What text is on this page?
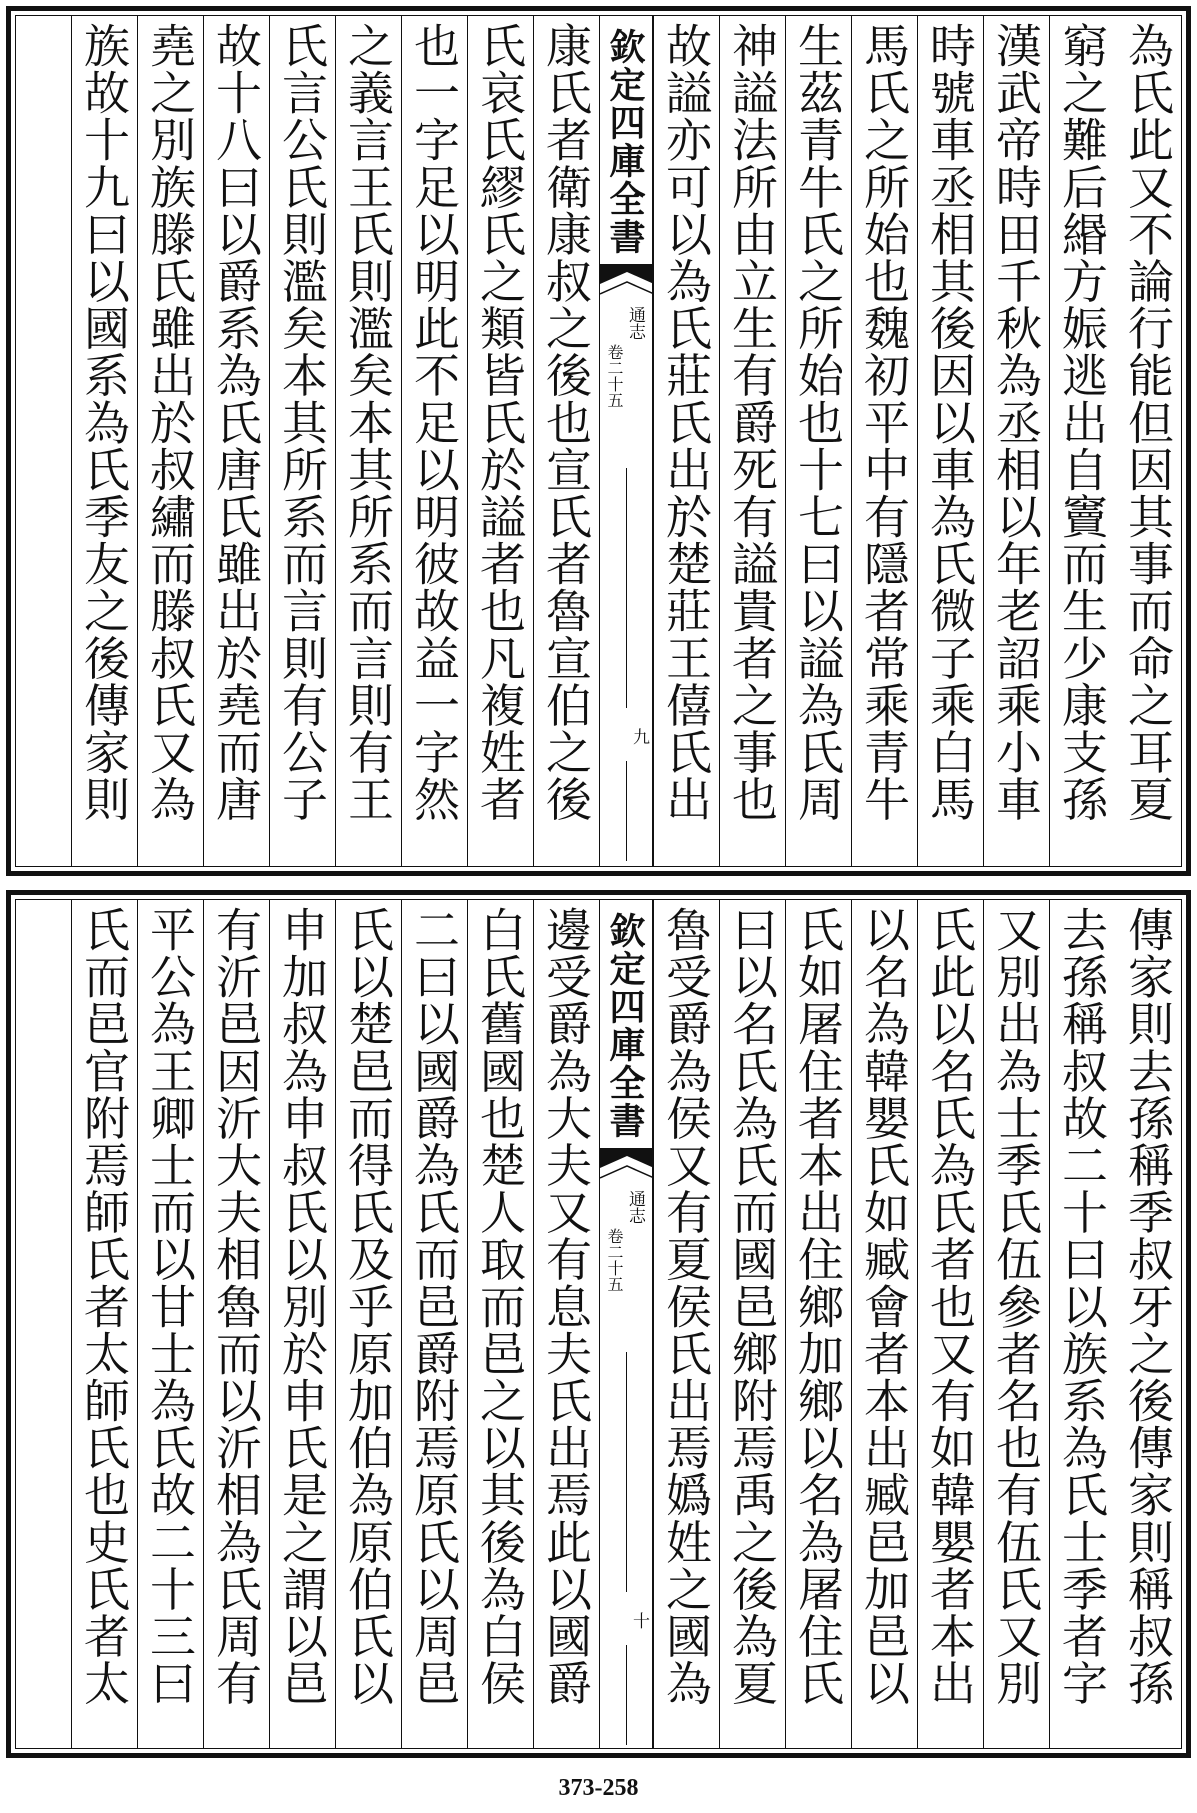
為氏此又不論行能但因其事而命之耳夏
窮之難后緡方娠逃出自竇而生少康支孫
漢武帝時田千秋為丞相以年老詔乘小車
時號車丞相其後因以車為氏微子乘白馬
馬氏之所始也魏初平中有隱者常乘青牛
生茲青牛氏之所始也十七曰以謚為氏周
神謚法所由立生有爵死有謚貴者之事也
故謚亦可以為氏莊氏出於楚莊王僖氏出
欽定四庫全書
通志
卷二十五
九
康氏者衛康叔之後也宣氏者魯宣伯之後
氏哀氏繆氏之類皆氏於謚者也凡複姓者
也一字足以明此不足以明彼故益一字然
之義言王氏則濫矣本其所系而言則有王
氏言公氏則濫矣本其所系而言則有公子
故十八曰以爵系為氏唐氏雖出於堯而唐
堯之別族滕氏雖出於叔繡而滕叔氏又為
族故十九曰以國系為氏季友之後傳家則
傳家則去孫稱季叔牙之後傳家則稱叔孫
去孫稱叔故二十曰以族系為氏士季者字
又別出為士季氏伍參者名也有伍氏又別
氏此以名氏為氏者也又有如韓嬰者本出
以名為韓嬰氏如臧會者本出臧邑加邑以
氏如屠住者本出住鄉加鄉以名為屠住氏
曰以名氏為氏而國邑鄉附焉禹之後為夏
魯受爵為侯又有夏侯氏出焉嬀姓之國為
欽定四庫全書
通志
卷二十五
十
邊受爵為大夫又有息夫氏出焉此以國爵
白氏舊國也楚人取而邑之以其後為白侯
二曰以國爵為氏而邑爵附焉原氏以周邑
氏以楚邑而得氏及乎原加伯為原伯氏以
申加叔為申叔氏以別於申氏是之謂以邑
有沂邑因沂大夫相魯而以沂相為氏周有
平公為王卿士而以甘士為氏故二十三曰
氏而邑官附焉師氏者太師氏也史氏者太
373-258
